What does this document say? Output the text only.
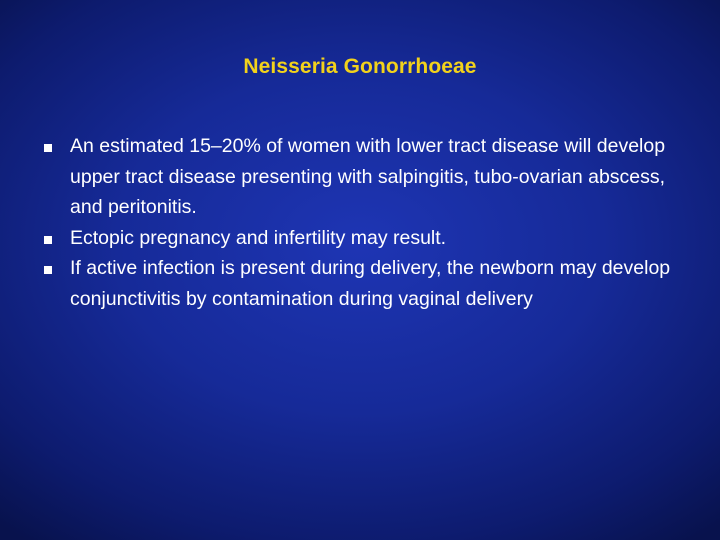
Neisseria Gonorrhoeae
An estimated 15–20% of women with lower tract disease will develop upper tract disease presenting with salpingitis, tubo-ovarian abscess, and peritonitis.
Ectopic pregnancy and infertility may result.
If active infection is present during delivery, the newborn may develop conjunctivitis by contamination during vaginal delivery
